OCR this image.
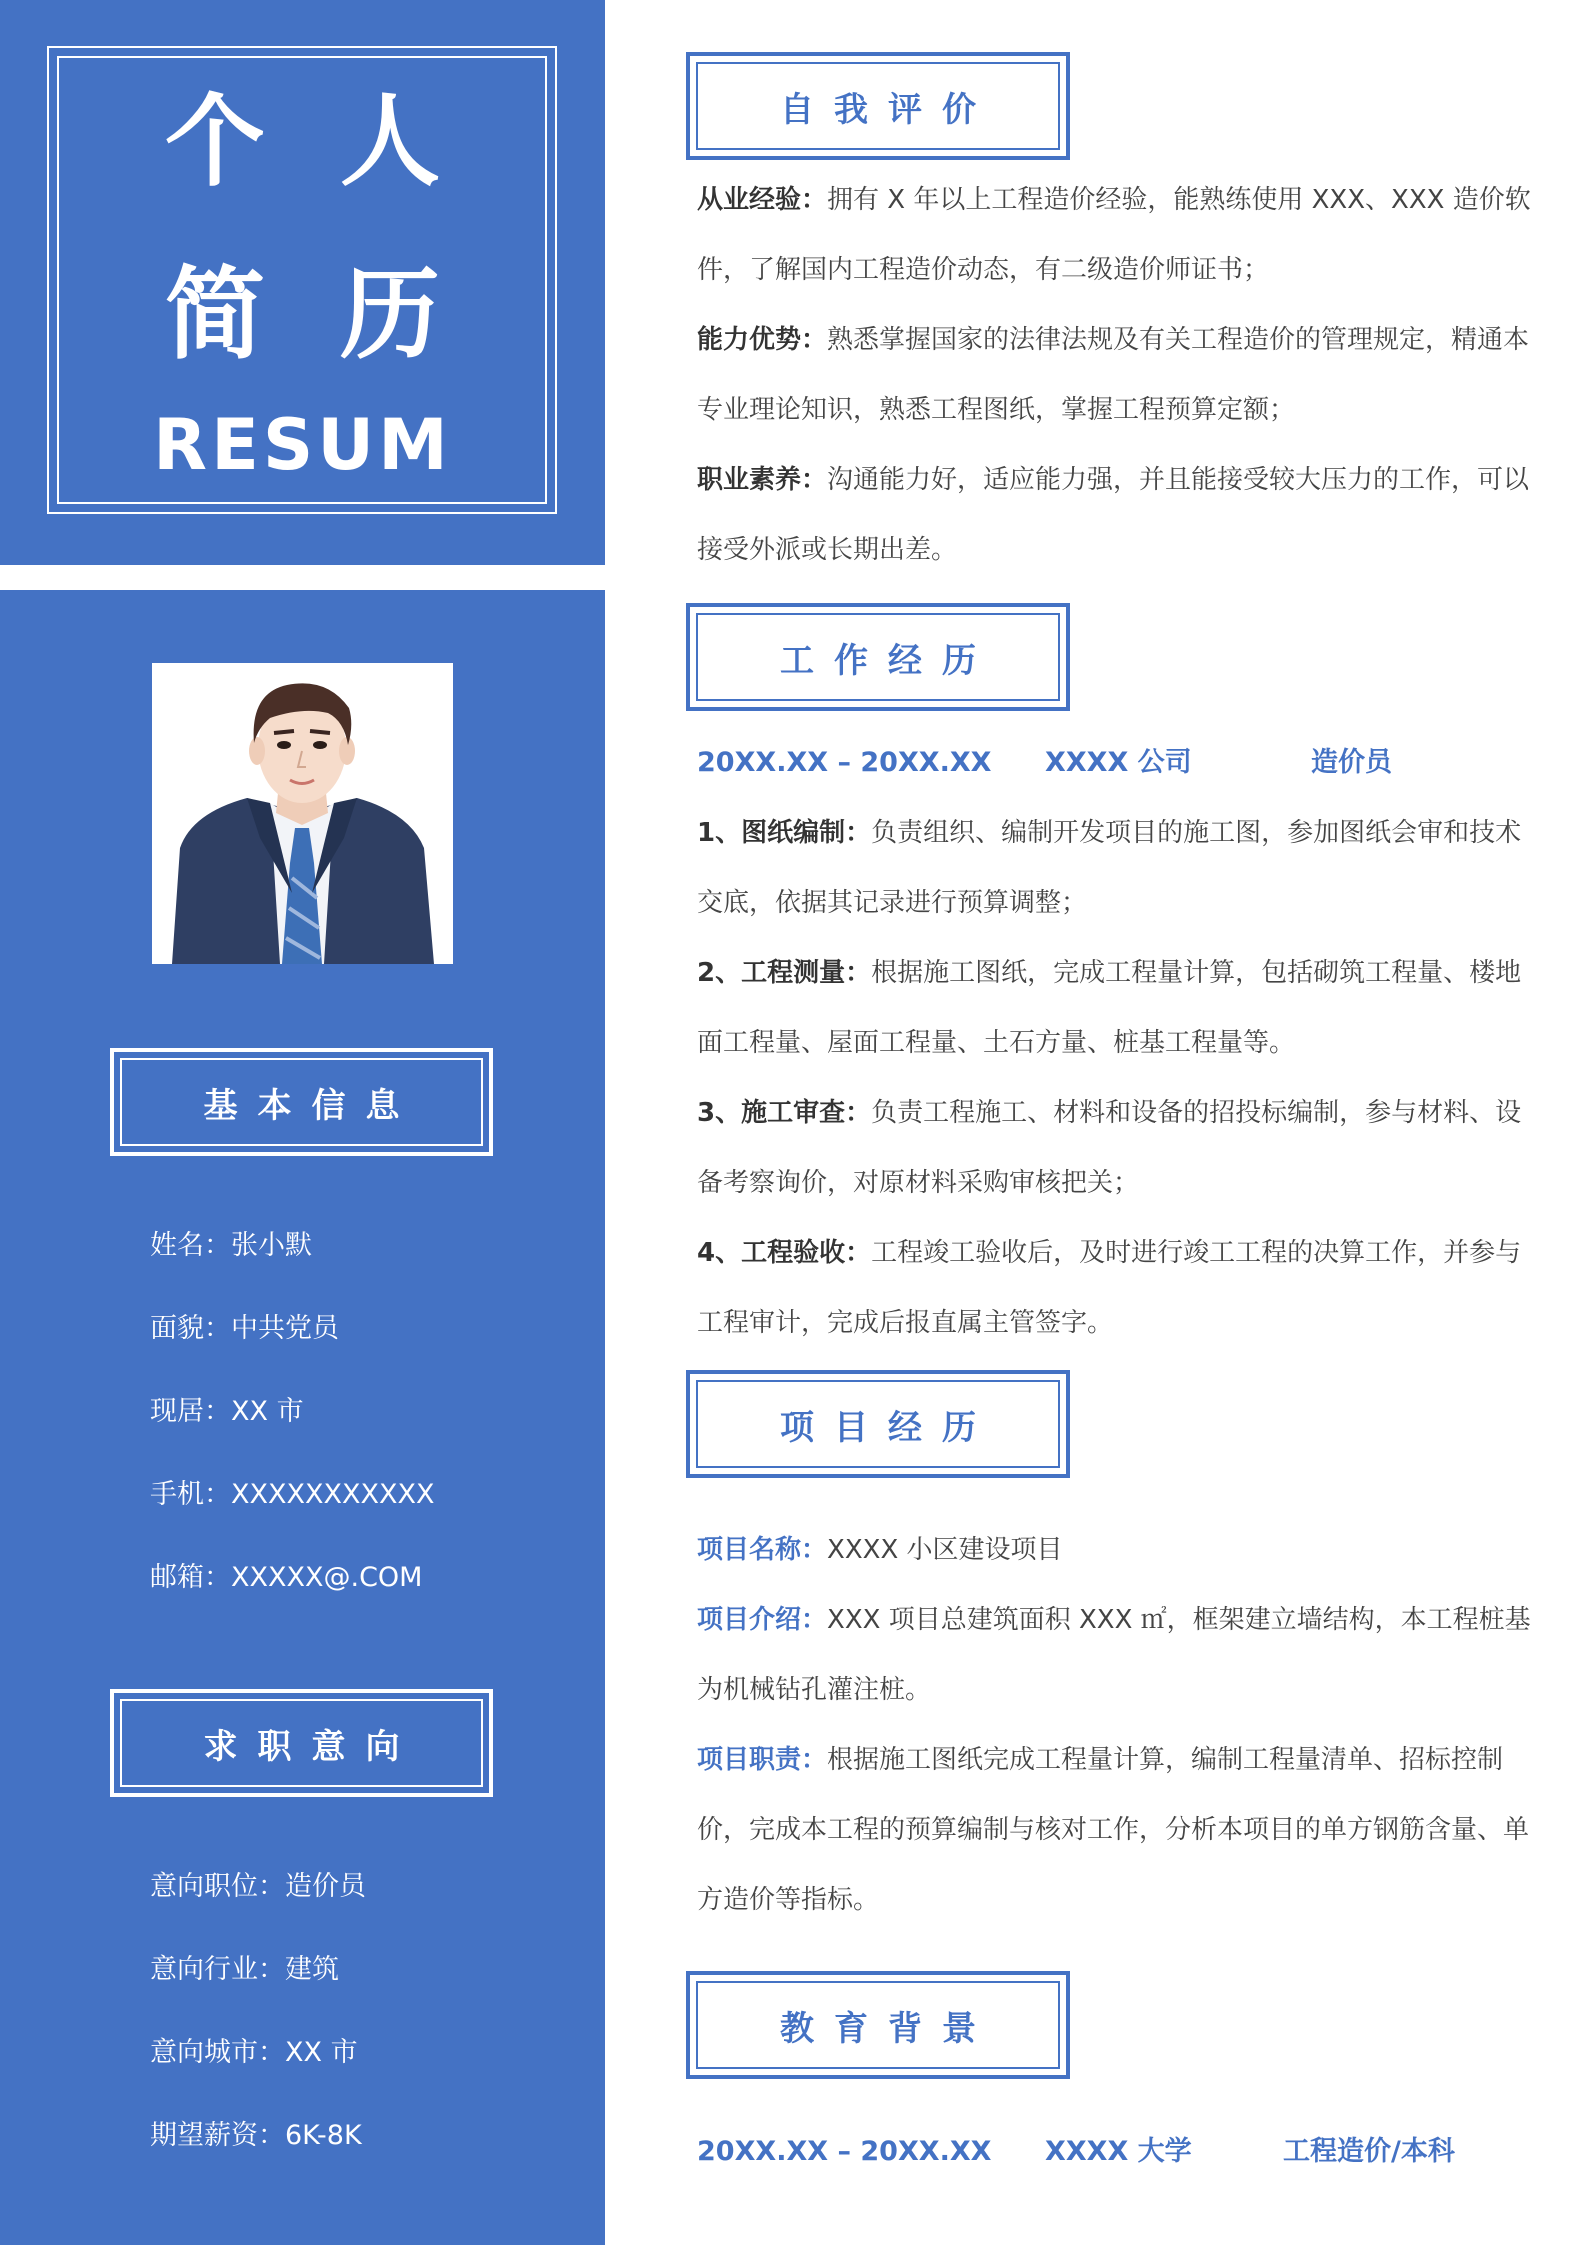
个 人
简 历
RESUM
基本信息
姓名：张小默
面貌：中共党员
现居：XX 市
手机：XXXXXXXXXXX
邮箱：XXXXX@.COM
求职意向
意向职位：造价员
意向行业：建筑
意向城市：XX 市
期望薪资：6K-8K
自我评价
从业经验：拥有 X 年以上工程造价经验，能熟练使用 XXX、XXX 造价软件，了解国内工程造价动态，有二级造价师证书；
能力优势：熟悉掌握国家的法律法规及有关工程造价的管理规定，精通本专业理论知识，熟悉工程图纸，掌握工程预算定额；
职业素养：沟通能力好，适应能力强，并且能接受较大压力的工作，可以接受外派或长期出差。
工作经历
20XX.XX – 20XX.XX XXXX 公司	造价员
1、图纸编制：负责组织、编制开发项目的施工图，参加图纸会审和技术交底，依据其记录进行预算调整；
2、工程测量：根据施工图纸，完成工程量计算，包括砌筑工程量、楼地面工程量、屋面工程量、土石方量、桩基工程量等。
3、施工审查：负责工程施工、材料和设备的招投标编制，参与材料、设备考察询价，对原材料采购审核把关；
4、工程验收：工程竣工验收后，及时进行竣工工程的决算工作，并参与工程审计，完成后报直属主管签字。
项目经历
项目名称：XXXX 小区建设项目
项目介绍：XXX 项目总建筑面积 XXX ㎡，框架建立墙结构，本工程桩基为机械钻孔灌注桩。
项目职责：根据施工图纸完成工程量计算，编制工程量清单、招标控制价，完成本工程的预算编制与核对工作，分析本项目的单方钢筋含量、单方造价等指标。
教育背景
20XX.XX – 20XX.XX XXXX 大学	工程造价/本科
